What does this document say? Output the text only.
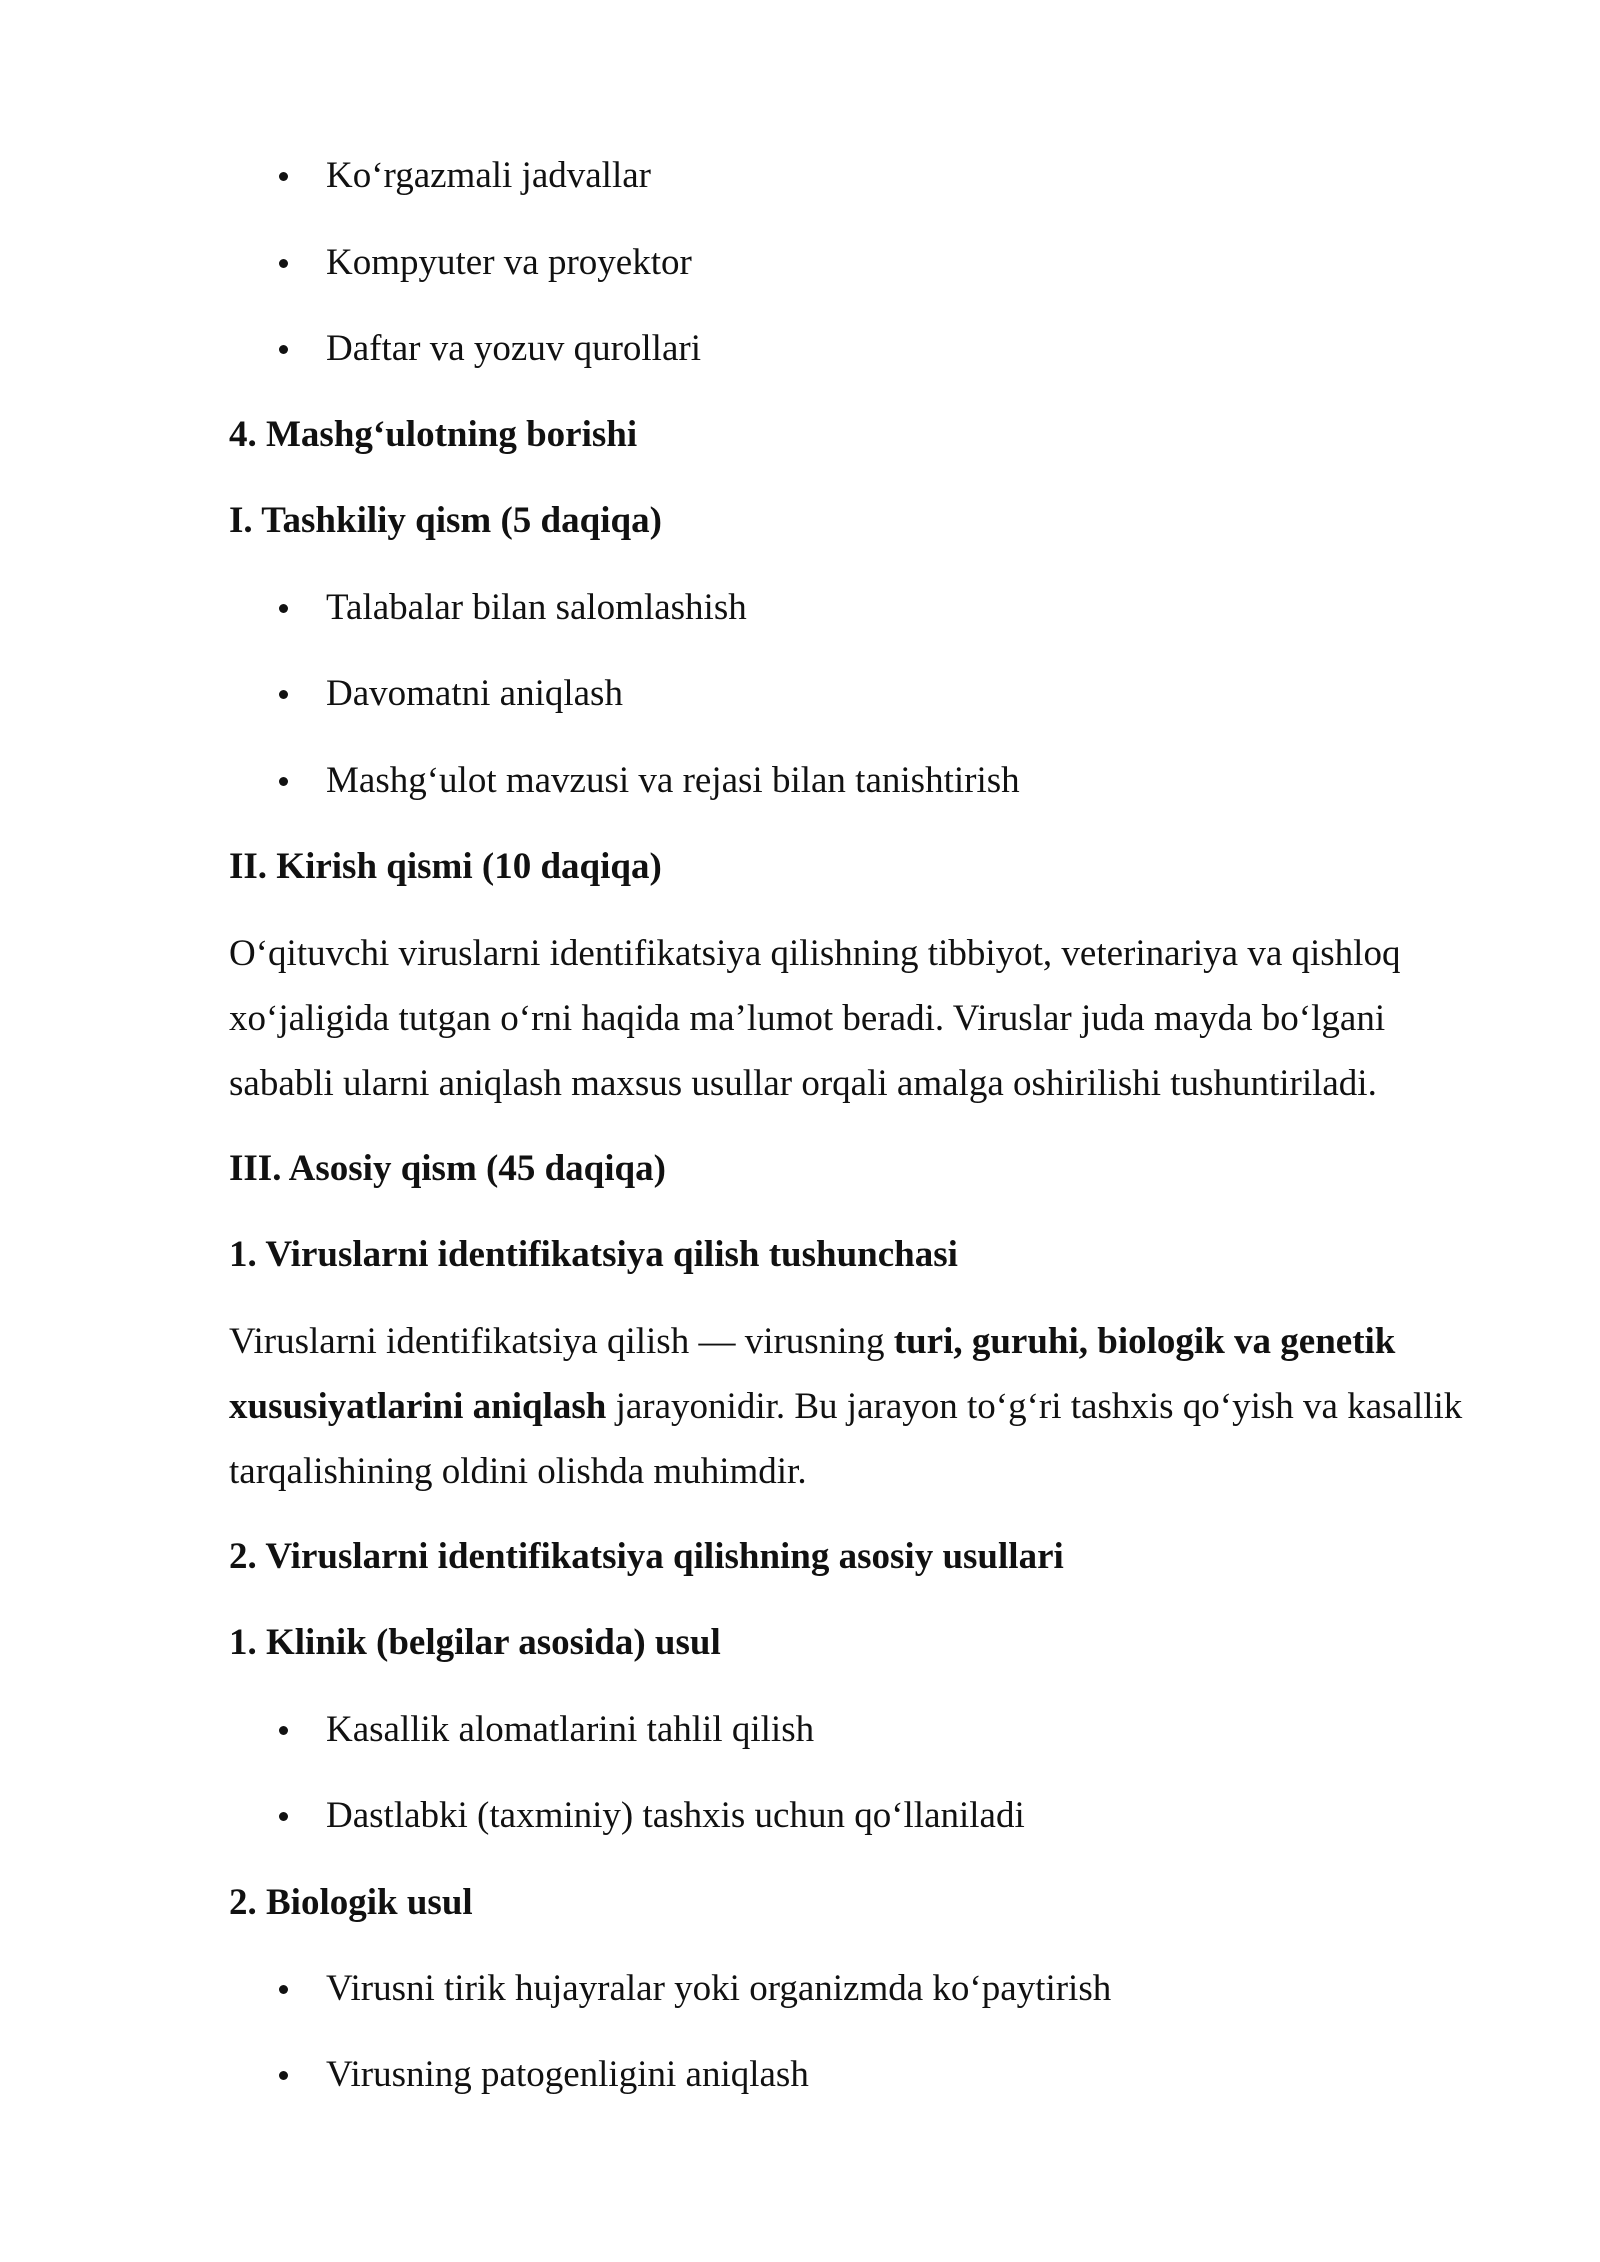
Ko‘rgazmali jadvallar
Kompyuter va proyektor
Daftar va yozuv qurollari
4. Mashg‘ulotning borishi
I. Tashkiliy qism (5 daqiqa)
Talabalar bilan salomlashish
Davomatni aniqlash
Mashg‘ulot mavzusi va rejasi bilan tanishtirish
II. Kirish qismi (10 daqiqa)

O‘qituvchi viruslarni identifikatsiya qilishning tibbiyot, veterinariya va qishloq

xo‘jaligida tutgan o‘rni haqida ma’lumot beradi. Viruslar juda mayda bo‘lgani

sababli ularni aniqlash maxsus usullar orqali amalga oshirilishi tushuntiriladi.

III. Asosiy qism (45 daqiqa)
1. Viruslarni identifikatsiya qilish tushunchasi

Viruslarni identifikatsiya qilish — virusning turi, guruhi, biologik va genetik

xususiyatlarini aniqlash jarayonidir. Bu jarayon to‘g‘ri tashxis qo‘yish va kasallik

tarqalishining oldini olishda muhimdir.

2. Viruslarni identifikatsiya qilishning asosiy usullari
1. Klinik (belgilar asosida) usul
Kasallik alomatlarini tahlil qilish
Dastlabki (taxminiy) tashxis uchun qo‘llaniladi
2. Biologik usul
Virusni tirik hujayralar yoki organizmda ko‘paytirish
Virusning patogenligini aniqlash
